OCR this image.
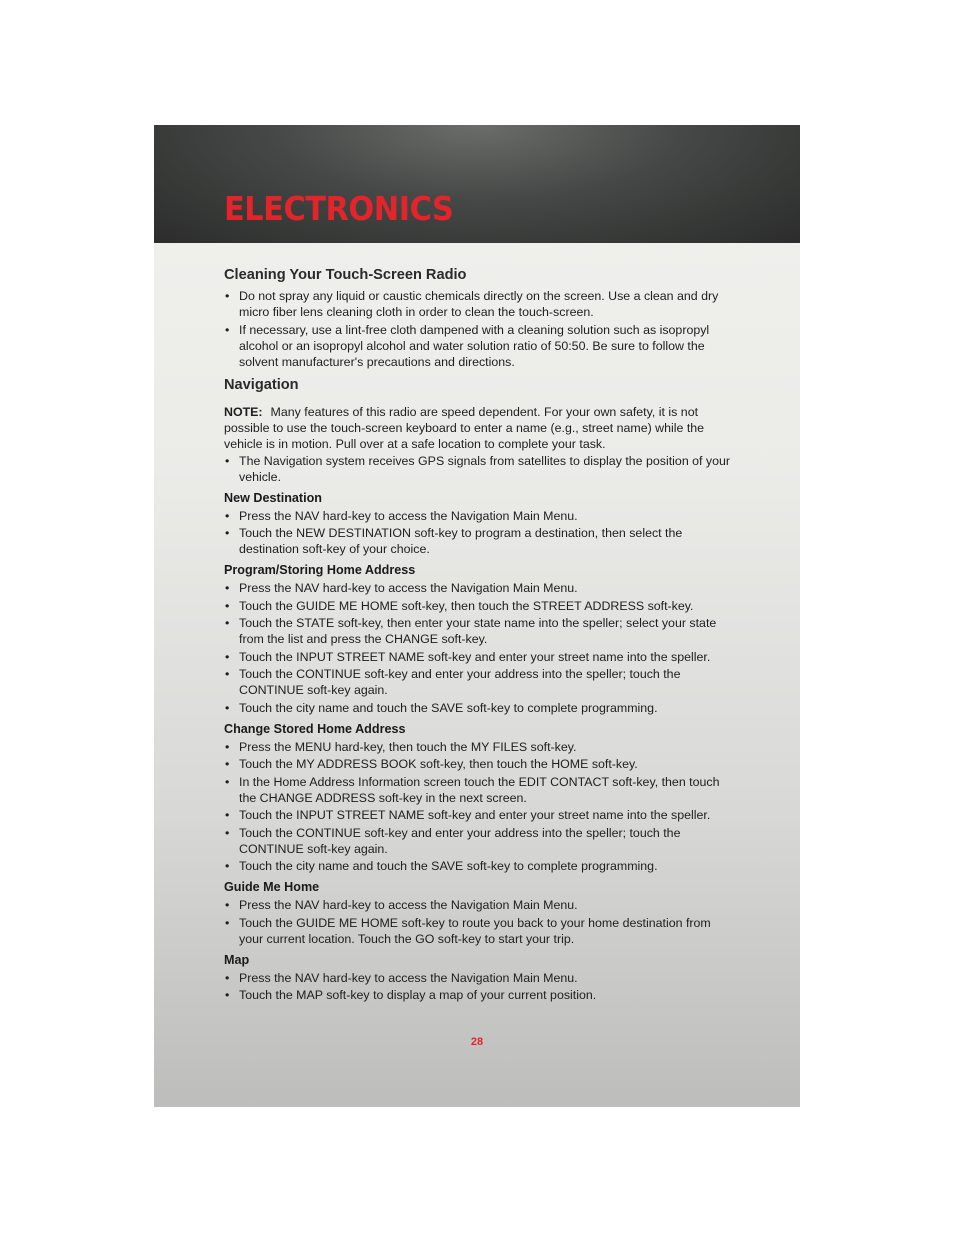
ELECTRONICS
Cleaning Your Touch-Screen Radio
• Do not spray any liquid or caustic chemicals directly on the screen. Use a clean and dry micro fiber lens cleaning cloth in order to clean the touch-screen.
• If necessary, use a lint-free cloth dampened with a cleaning solution such as isopropyl alcohol or an isopropyl alcohol and water solution ratio of 50:50. Be sure to follow the solvent manufacturer's precautions and directions.
Navigation

NOTE: Many features of this radio are speed dependent. For your own safety, it is not possible to use the touch-screen keyboard to enter a name (e.g., street name) while the vehicle is in motion. Pull over at a safe location to complete your task.

• The Navigation system receives GPS signals from satellites to display the position of your vehicle.
New Destination
• Press the NAV hard-key to access the Navigation Main Menu.
• Touch the NEW DESTINATION soft-key to program a destination, then select the destination soft-key of your choice.
Program/Storing Home Address
• Press the NAV hard-key to access the Navigation Main Menu.
• Touch the GUIDE ME HOME soft-key, then touch the STREET ADDRESS soft-key.
• Touch the STATE soft-key, then enter your state name into the speller; select your state from the list and press the CHANGE soft-key.
• Touch the INPUT STREET NAME soft-key and enter your street name into the speller.
• Touch the CONTINUE soft-key and enter your address into the speller; touch the CONTINUE soft-key again.
• Touch the city name and touch the SAVE soft-key to complete programming.
Change Stored Home Address
• Press the MENU hard-key, then touch the MY FILES soft-key.
• Touch the MY ADDRESS BOOK soft-key, then touch the HOME soft-key.
• In the Home Address Information screen touch the EDIT CONTACT soft-key, then touch the CHANGE ADDRESS soft-key in the next screen.
• Touch the INPUT STREET NAME soft-key and enter your street name into the speller.
• Touch the CONTINUE soft-key and enter your address into the speller; touch the CONTINUE soft-key again.
• Touch the city name and touch the SAVE soft-key to complete programming.
Guide Me Home
• Press the NAV hard-key to access the Navigation Main Menu.
• Touch the GUIDE ME HOME soft-key to route you back to your home destination from your current location. Touch the GO soft-key to start your trip.
Map
• Press the NAV hard-key to access the Navigation Main Menu.
• Touch the MAP soft-key to display a map of your current position.
28
